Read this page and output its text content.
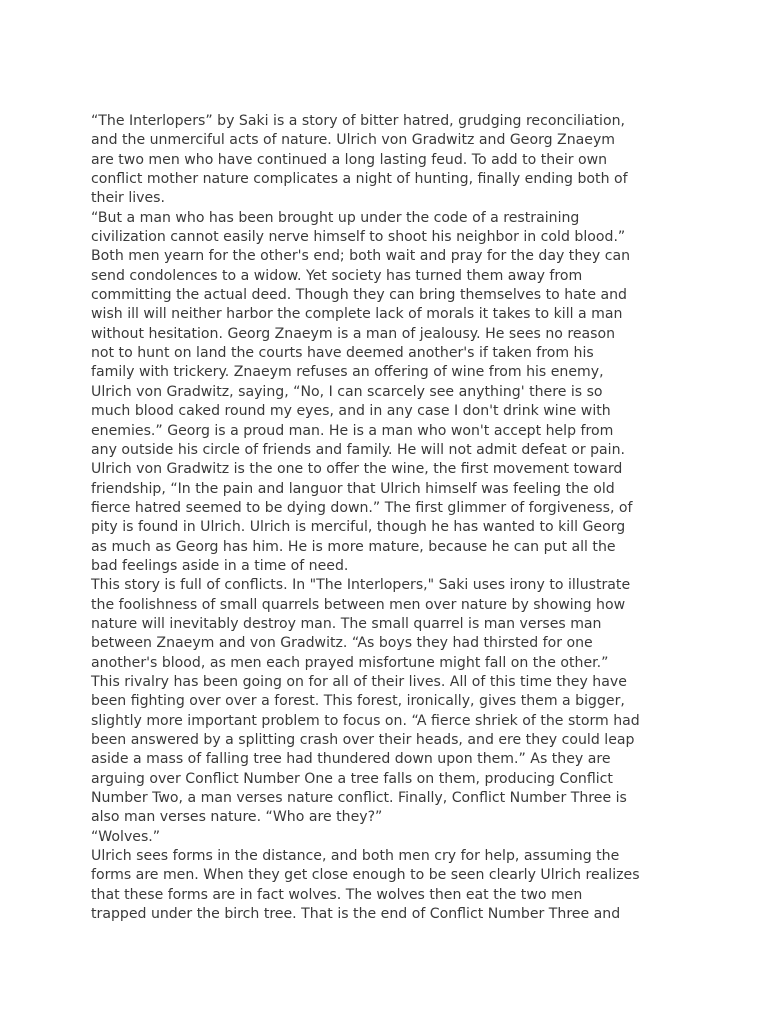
“The Interlopers” by Saki is a story of bitter hatred, grudging reconciliation,
and the unmerciful acts of nature. Ulrich von Gradwitz and Georg Znaeym
are two men who have continued a long lasting feud. To add to their own
conflict mother nature complicates a night of hunting, finally ending both of
their lives.
“But a man who has been brought up under the code of a restraining
civilization cannot easily nerve himself to shoot his neighbor in cold blood.”
Both men yearn for the other's end; both wait and pray for the day they can
send condolences to a widow. Yet society has turned them away from
committing the actual deed. Though they can bring themselves to hate and
wish ill will neither harbor the complete lack of morals it takes to kill a man
without hesitation. Georg Znaeym is a man of jealousy. He sees no reason
not to hunt on land the courts have deemed another's if taken from his
family with trickery. Znaeym refuses an offering of wine from his enemy,
Ulrich von Gradwitz, saying, “No, I can scarcely see anything' there is so
much blood caked round my eyes, and in any case I don't drink wine with
enemies.” Georg is a proud man. He is a man who won't accept help from
any outside his circle of friends and family. He will not admit defeat or pain.
Ulrich von Gradwitz is the one to offer the wine, the first movement toward
friendship, “In the pain and languor that Ulrich himself was feeling the old
fierce hatred seemed to be dying down.” The first glimmer of forgiveness, of
pity is found in Ulrich. Ulrich is merciful, though he has wanted to kill Georg
as much as Georg has him. He is more mature, because he can put all the
bad feelings aside in a time of need.
This story is full of conflicts. In "The Interlopers," Saki uses irony to illustrate
the foolishness of small quarrels between men over nature by showing how
nature will inevitably destroy man. The small quarrel is man verses man
between Znaeym and von Gradwitz. “As boys they had thirsted for one
another's blood, as men each prayed misfortune might fall on the other.”
This rivalry has been going on for all of their lives. All of this time they have
been fighting over over a forest. This forest, ironically, gives them a bigger,
slightly more important problem to focus on. “A fierce shriek of the storm had
been answered by a splitting crash over their heads, and ere they could leap
aside a mass of falling tree had thundered down upon them.” As they are
arguing over Conflict Number One a tree falls on them, producing Conflict
Number Two, a man verses nature conflict. Finally, Conflict Number Three is
also man verses nature. “Who are they?”
“Wolves.”
Ulrich sees forms in the distance, and both men cry for help, assuming the
forms are men. When they get close enough to be seen clearly Ulrich realizes
that these forms are in fact wolves. The wolves then eat the two men
trapped under the birch tree. That is the end of Conflict Number Three and
